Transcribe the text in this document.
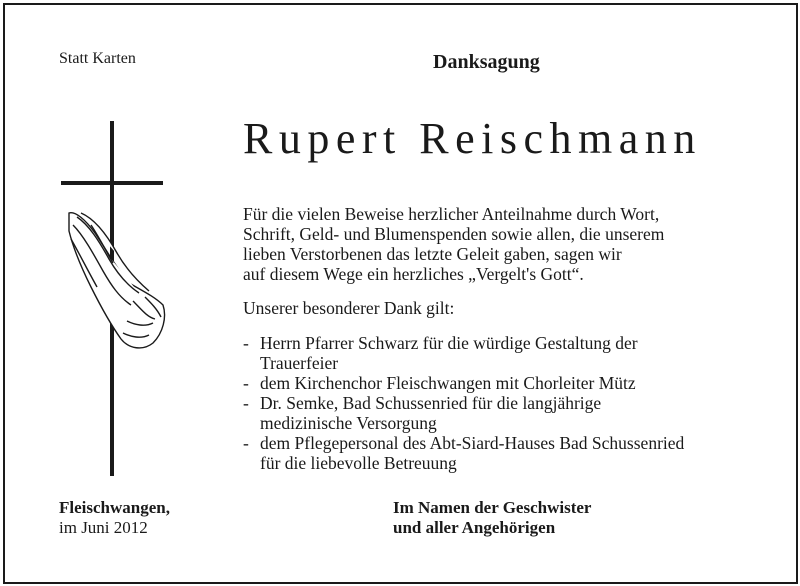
Statt Karten	Danksagung
Rupert Reischmann
Für die vielen Beweise herzlicher Anteilnahme durch Wort,
Schrift, Geld- und Blumenspenden sowie allen, die unserem
lieben Verstorbenen das letzte Geleit gaben, sagen wir
auf diesem Wege ein herzliches „Vergelt's Gott“.
Unserer besonderer Dank gilt:
- Herrn Pfarrer Schwarz für die würdige Gestaltung der
Trauerfeier
- dem Kirchenchor Fleischwangen mit Chorleiter Mütz
- Dr. Semke, Bad Schussenried für die langjährige
medizinische Versorgung
- dem Pflegepersonal des Abt-Siard-Hauses Bad Schussenried
für die liebevolle Betreuung
Fleischwangen,
im Juni 2012
Im Namen der Geschwister
und aller Angehörigen
